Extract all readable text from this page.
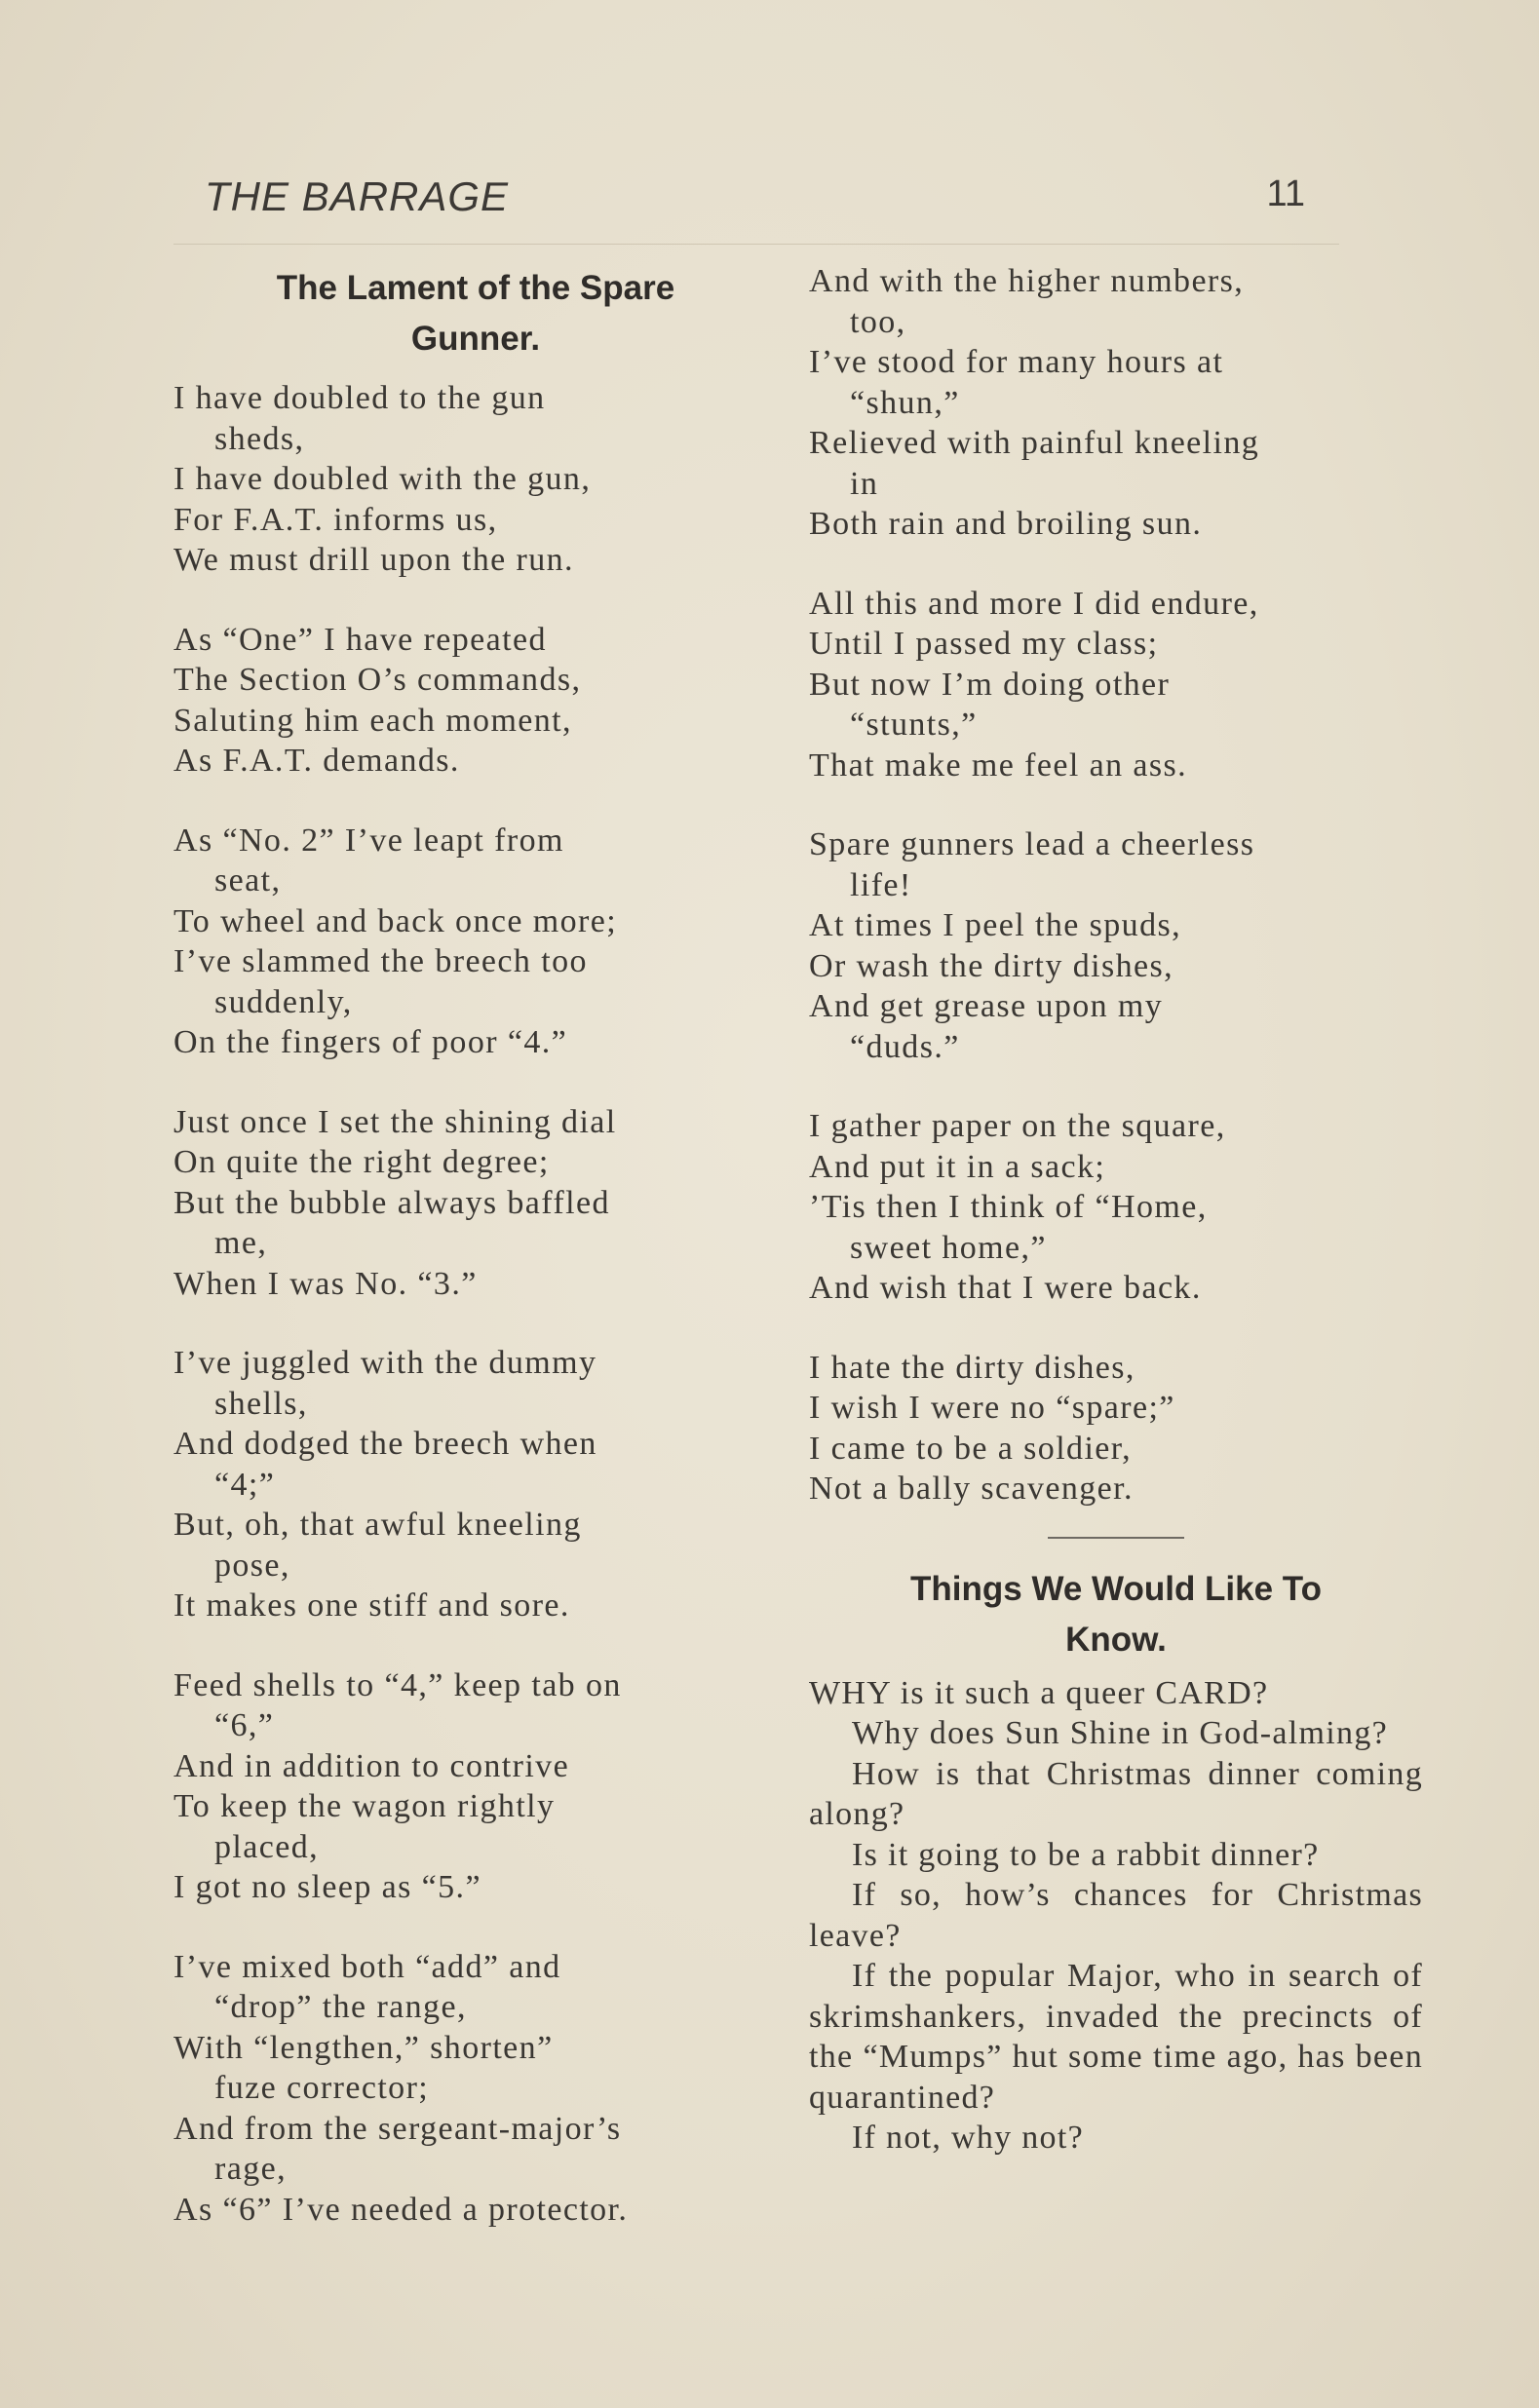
THE BARRAGE	11
The Lament of the Spare
Gunner.

I have doubled to the gun

sheds,

I have doubled with the gun,

For F.A.T. informs us,

We must drill upon the run.

As “One” I have repeated

The Section O’s commands,

Saluting him each moment,

As F.A.T. demands.

As “No. 2” I’ve leapt from

seat,

To wheel and back once more;

I’ve slammed the breech too

suddenly,

On the fingers of poor “4.”

Just once I set the shining dial

On quite the right degree;

But the bubble always baffled

me,

When I was No. “3.”

I’ve juggled with the dummy

shells,

And dodged the breech when

“4;”

But, oh, that awful kneeling

pose,

It makes one stiff and sore.

Feed shells to “4,” keep tab on

“6,”

And in addition to contrive

To keep the wagon rightly

placed,

I got no sleep as “5.”

I’ve mixed both “add” and

“drop” the range,

With “lengthen,” shorten”

fuze corrector;

And from the sergeant-major’s

rage,

As “6” I’ve needed a protector.

And with the higher numbers,

too,

I’ve stood for many hours at

“shun,”

Relieved with painful kneeling

in

Both rain and broiling sun.

All this and more I did endure,

Until I passed my class;

But now I’m doing other

“stunts,”

That make me feel an ass.

Spare gunners lead a cheerless

life!

At times I peel the spuds,

Or wash the dirty dishes,

And get grease upon my

“duds.”

I gather paper on the square,

And put it in a sack;

’Tis then I think of “Home,

sweet home,”

And wish that I were back.

I hate the dirty dishes,

I wish I were no “spare;”

I came to be a soldier,

Not a bally scavenger.

Things We Would Like To
Know.

WHY is it such a queer CARD?

Why does Sun Shine in God-alming?

How is that Christmas dinner coming along?

Is it going to be a rabbit dinner?

If so, how’s chances for Christmas leave?

If the popular Major, who in search of skrimshankers, invaded the precincts of the “Mumps” hut some time ago, has been quarantined?

If not, why not?
